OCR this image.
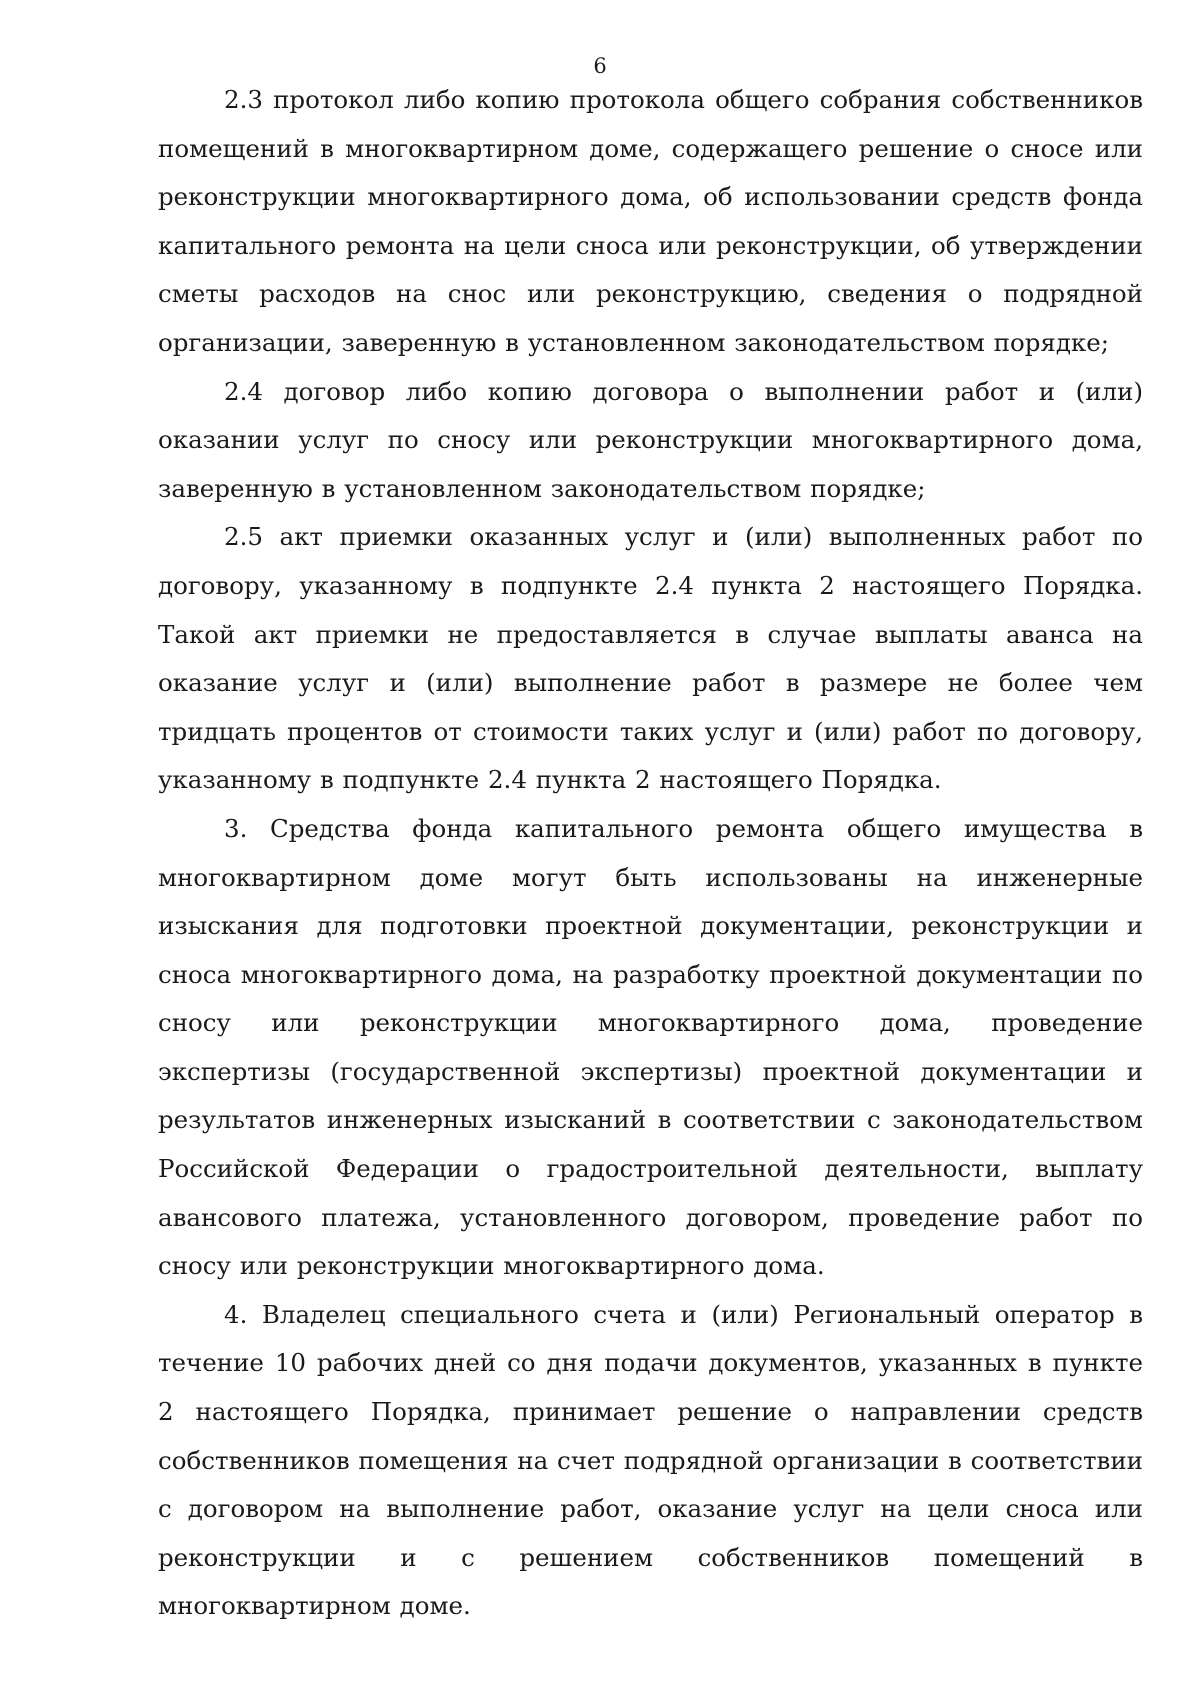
6

2.3 протокол либо копию протокола общего собрания собственников помещений в многоквартирном доме, содержащего решение о сносе или реконструкции многоквартирного дома, об использовании средств фонда капитального ремонта на цели сноса или реконструкции, об утверждении сметы расходов на снос или реконструкцию, сведения о подрядной организации, заверенную в установленном законодательством порядке;

2.4 договор либо копию договора о выполнении работ и (или) оказании услуг по сносу или реконструкции многоквартирного дома, заверенную в установленном законодательством порядке;

2.5 акт приемки оказанных услуг и (или) выполненных работ по договору, указанному в подпункте 2.4 пункта 2 настоящего Порядка. Такой акт приемки не предоставляется в случае выплаты аванса на оказание услуг и (или) выполнение работ в размере не более чем тридцать процентов от стоимости таких услуг и (или) работ по договору, указанному в подпункте 2.4 пункта 2 настоящего Порядка.

3. Средства фонда капитального ремонта общего имущества в многоквартирном доме могут быть использованы на инженерные изыскания для подготовки проектной документации, реконструкции и сноса многоквартирного дома, на разработку проектной документации по сносу или реконструкции многоквартирного дома, проведение экспертизы (государственной экспертизы) проектной документации и результатов инженерных изысканий в соответствии с законодательством Российской Федерации о градостроительной деятельности, выплату авансового платежа, установленного договором, проведение работ по сносу или реконструкции многоквартирного дома.

4. Владелец специального счета и (или) Региональный оператор в течение 10 рабочих дней со дня подачи документов, указанных в пункте 2 настоящего Порядка, принимает решение о направлении средств собственников помещения на счет подрядной организации в соответствии с договором на выполнение работ, оказание услуг на цели сноса или реконструкции и с решением собственников помещений в многоквартирном доме.
